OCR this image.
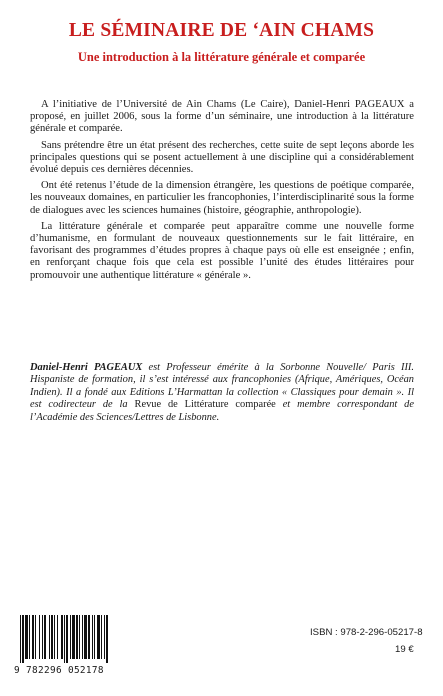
LE SÉMINAIRE DE ‘AIN CHAMS
Une introduction à la littérature générale et comparée

A l’initiative de l’Université de Ain Chams (Le Caire), Daniel-Henri PAGEAUX a proposé, en juillet 2006, sous la forme d’un séminaire, une introduction à la littérature générale et comparée.

Sans prétendre être un état présent des recherches, cette suite de sept leçons aborde les principales questions qui se posent actuellement à une discipline qui a considérablement évolué depuis ces dernières décennies.

Ont été retenus l’étude de la dimension étrangère, les questions de poétique comparée, les nouveaux domaines, en particulier les francophonies, l’interdisciplinarité sous la forme de dialogues avec les sciences humaines (histoire, géographie, anthropologie).

La littérature générale et comparée peut apparaître comme une nouvelle forme d’humanisme, en formulant de nouveaux questionnements sur le fait littéraire, en favorisant des programmes d’études propres à chaque pays où elle est enseignée ; enfin, en renforçant chaque fois que cela est possible l’unité des études littéraires pour promouvoir une authentique littérature « générale ».

Daniel-Henri PAGEAUX est Professeur émérite à la Sorbonne Nouvelle/ Paris III. Hispaniste de formation, il s’est intéressé aux francophonies (Afrique, Amériques, Océan Indien). Il a fondé aux Editions L’Harmattan la collection « Classiques pour demain ». Il est codirecteur de la Revue de Littérature comparée et membre correspondant de l’Académie des Sciences/Lettres de Lisbonne.

9 782296 052178
ISBN : 978-2-296-05217-8
19 €
